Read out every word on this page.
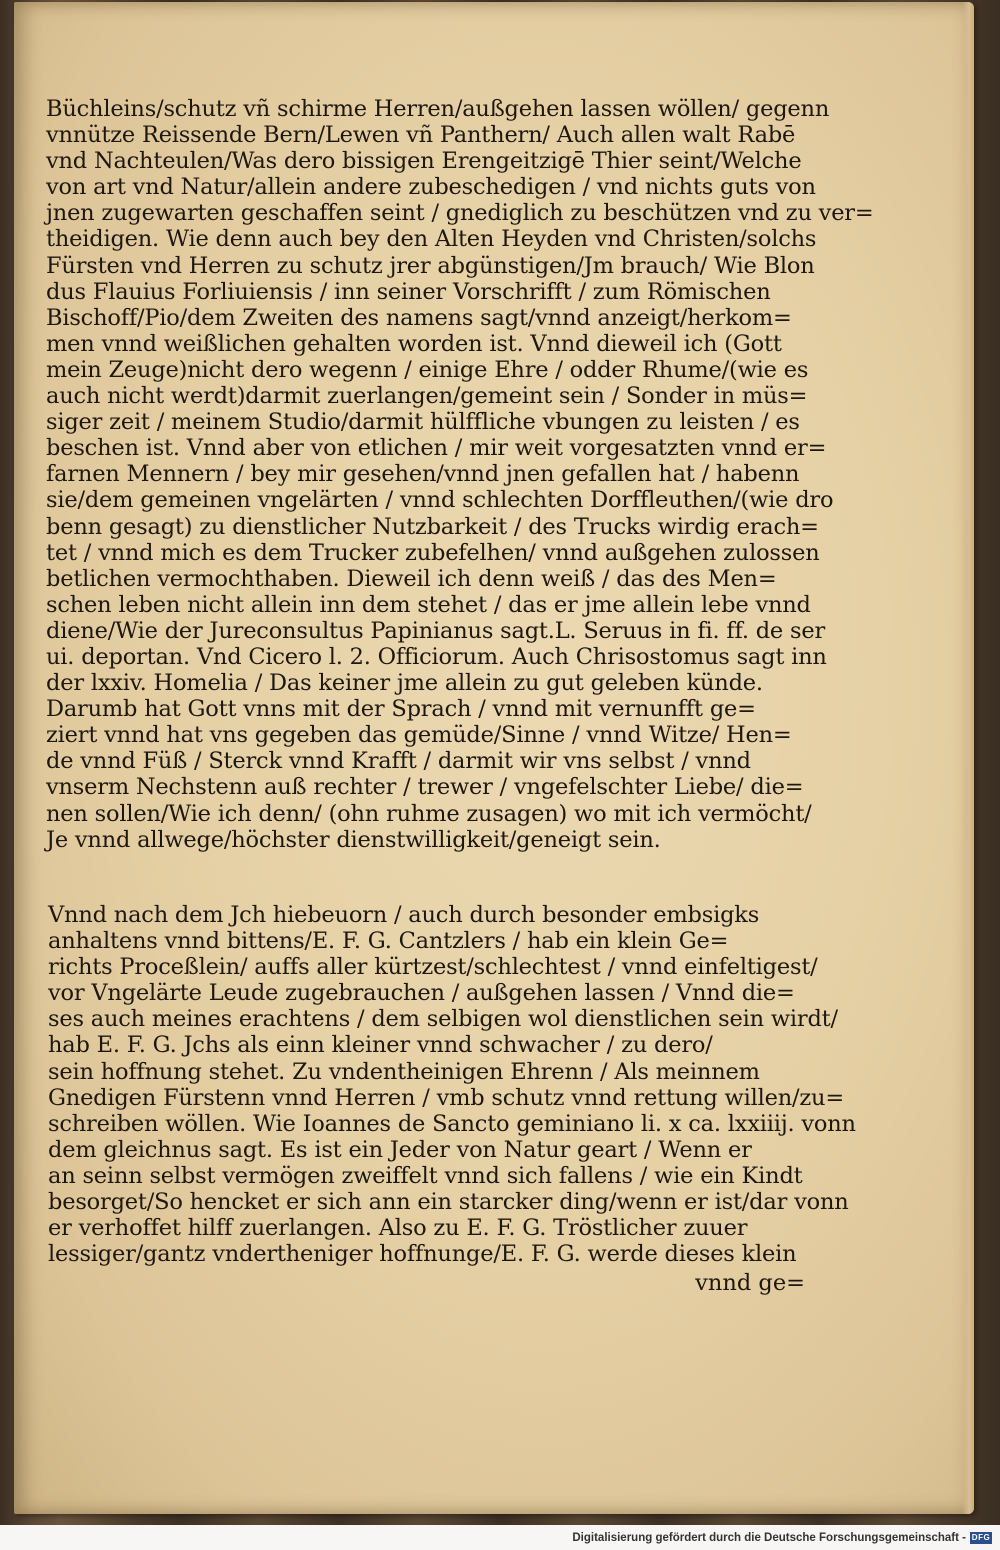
Büchleins/schutz vñ schirme Herren/außgehen lassen wöllen/ gegenn
vnnütze Reissende Bern/Lewen vñ Panthern/ Auch allen walt Rabē
vnd Nachteulen/Was dero bissigen Erengeitzigē Thier seint/Welche
von art vnd Natur/allein andere zubeschedigen / vnd nichts guts von
jnen zugewarten geschaffen seint / gnediglich zu beschützen vnd zu ver=
theidigen. Wie denn auch bey den Alten Heyden vnd Christen/solchs
Fürsten vnd Herren zu schutz jrer abgünstigen/Jm brauch/ Wie Blon
dus Flauius Forliuiensis / inn seiner Vorschrifft / zum Römischen
Bischoff/Pio/dem Zweiten des namens sagt/vnnd anzeigt/herkom=
men vnnd weißlichen gehalten worden ist. Vnnd dieweil ich (Gott
mein Zeuge)nicht dero wegenn / einige Ehre / odder Rhume/(wie es
auch nicht werdt)darmit zuerlangen/gemeint sein / Sonder in müs=
siger zeit / meinem Studio/darmit hülffliche vbungen zu leisten / es
beschen ist. Vnnd aber von etlichen / mir weit vorgesatzten vnnd er=
farnen Mennern / bey mir gesehen/vnnd jnen gefallen hat / habenn
sie/dem gemeinen vngelärten / vnnd schlechten Dorffleuthen/(wie dro
benn gesagt) zu dienstlicher Nutzbarkeit / des Trucks wirdig erach=
tet / vnnd mich es dem Trucker zubefelhen/ vnnd außgehen zulossen
betlichen vermochthaben. Dieweil ich denn weiß / das des Men=
schen leben nicht allein inn dem stehet / das er jme allein lebe vnnd
diene/Wie der Jureconsultus Papinianus sagt.L. Seruus in fi. ff. de ser
ui. deportan. Vnd Cicero l. 2. Officiorum. Auch Chrisostomus sagt inn
der lxxiv. Homelia / Das keiner jme allein zu gut geleben künde.
Darumb hat Gott vnns mit der Sprach / vnnd mit vernunfft ge=
ziert vnnd hat vns gegeben das gemüde/Sinne / vnnd Witze/ Hen=
de vnnd Füß / Sterck vnnd Krafft / darmit wir vns selbst / vnnd
vnserm Nechstenn auß rechter / trewer / vngefelschter Liebe/ die=
nen sollen/Wie ich denn/ (ohn ruhme zusagen) wo mit ich vermöcht/
Je vnnd allwege/höchster dienstwilligkeit/geneigt sein.
Vnnd nach dem Jch hiebeuorn / auch durch besonder embsigks
anhaltens vnnd bittens/E. F. G. Cantzlers / hab ein klein Ge=
richts Proceßlein/ auffs aller kürtzest/schlechtest / vnnd einfeltigest/
vor Vngelärte Leude zugebrauchen / außgehen lassen / Vnnd die=
ses auch meines erachtens / dem selbigen wol dienstlichen sein wirdt/
hab E. F. G. Jchs als einn kleiner vnnd schwacher / zu dero/
sein hoffnung stehet. Zu vndentheinigen Ehrenn / Als meinnem
Gnedigen Fürstenn vnnd Herren / vmb schutz vnnd rettung willen/zu=
schreiben wöllen. Wie Ioannes de Sancto geminiano li. x ca. lxxiiij. vonn
dem gleichnus sagt. Es ist ein Jeder von Natur geart / Wenn er
an seinn selbst vermögen zweiffelt vnnd sich fallens / wie ein Kindt
besorget/So hencket er sich ann ein starcker ding/wenn er ist/dar vonn
er verhoffet hilff zuerlangen. Also zu E. F. G. Tröstlicher zuuer
lessiger/gantz vndertheniger hoffnunge/E. F. G. werde dieses klein
vnnd ge=
Digitalisierung gefördert durch die Deutsche Forschungsgemeinschaft - DFG
